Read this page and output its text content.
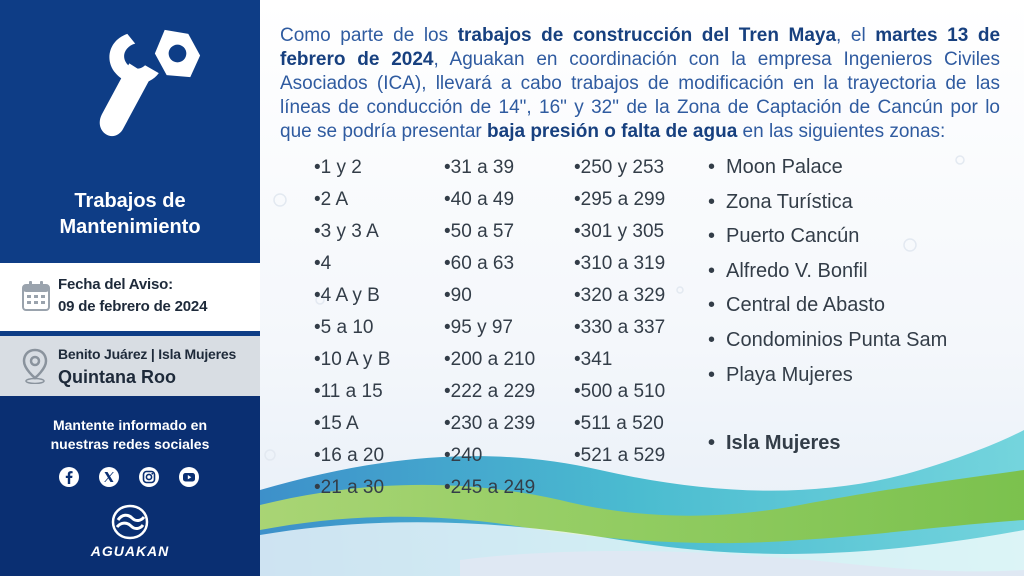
Trabajos de
Mantenimiento
Fecha del Aviso:
09 de febrero de 2024
Benito Juárez | Isla Mujeres
Quintana Roo
Mantente informado en
nuestras redes sociales
AGUAKAN

Como parte de los trabajos de construcción del Tren Maya, el martes 13 de febrero de 2024, Aguakan en coordinación con la empresa Ingenieros Civiles Asociados (ICA), llevará a cabo trabajos de modificación en la trayectoria de las líneas de conducción de 14", 16" y 32" de la Zona de Captación de Cancún por lo que se podría presentar baja presión o falta de agua en las siguientes zonas:

•1 y 2
•2 A
•3 y 3 A
•4
•4 A y B
•5 a 10
•10 A y B
•11 a 15
•15 A
•16 a 20
•21 a 30
•31 a 39
•40 a 49
•50 a 57
•60 a 63
•90
•95 y 97
•200 a 210
•222 a 229
•230 a 239
•240
•245 a 249
•250 y 253
•295 a 299
•301 y 305
•310 a 319
•320 a 329
•330 a 337
•341
•500 a 510
•511 a 520
•521 a 529
• Moon Palace
• Zona Turística
• Puerto Cancún
• Alfredo V. Bonfil
• Central de Abasto
• Condominios Punta Sam
• Playa Mujeres
• Isla Mujeres
